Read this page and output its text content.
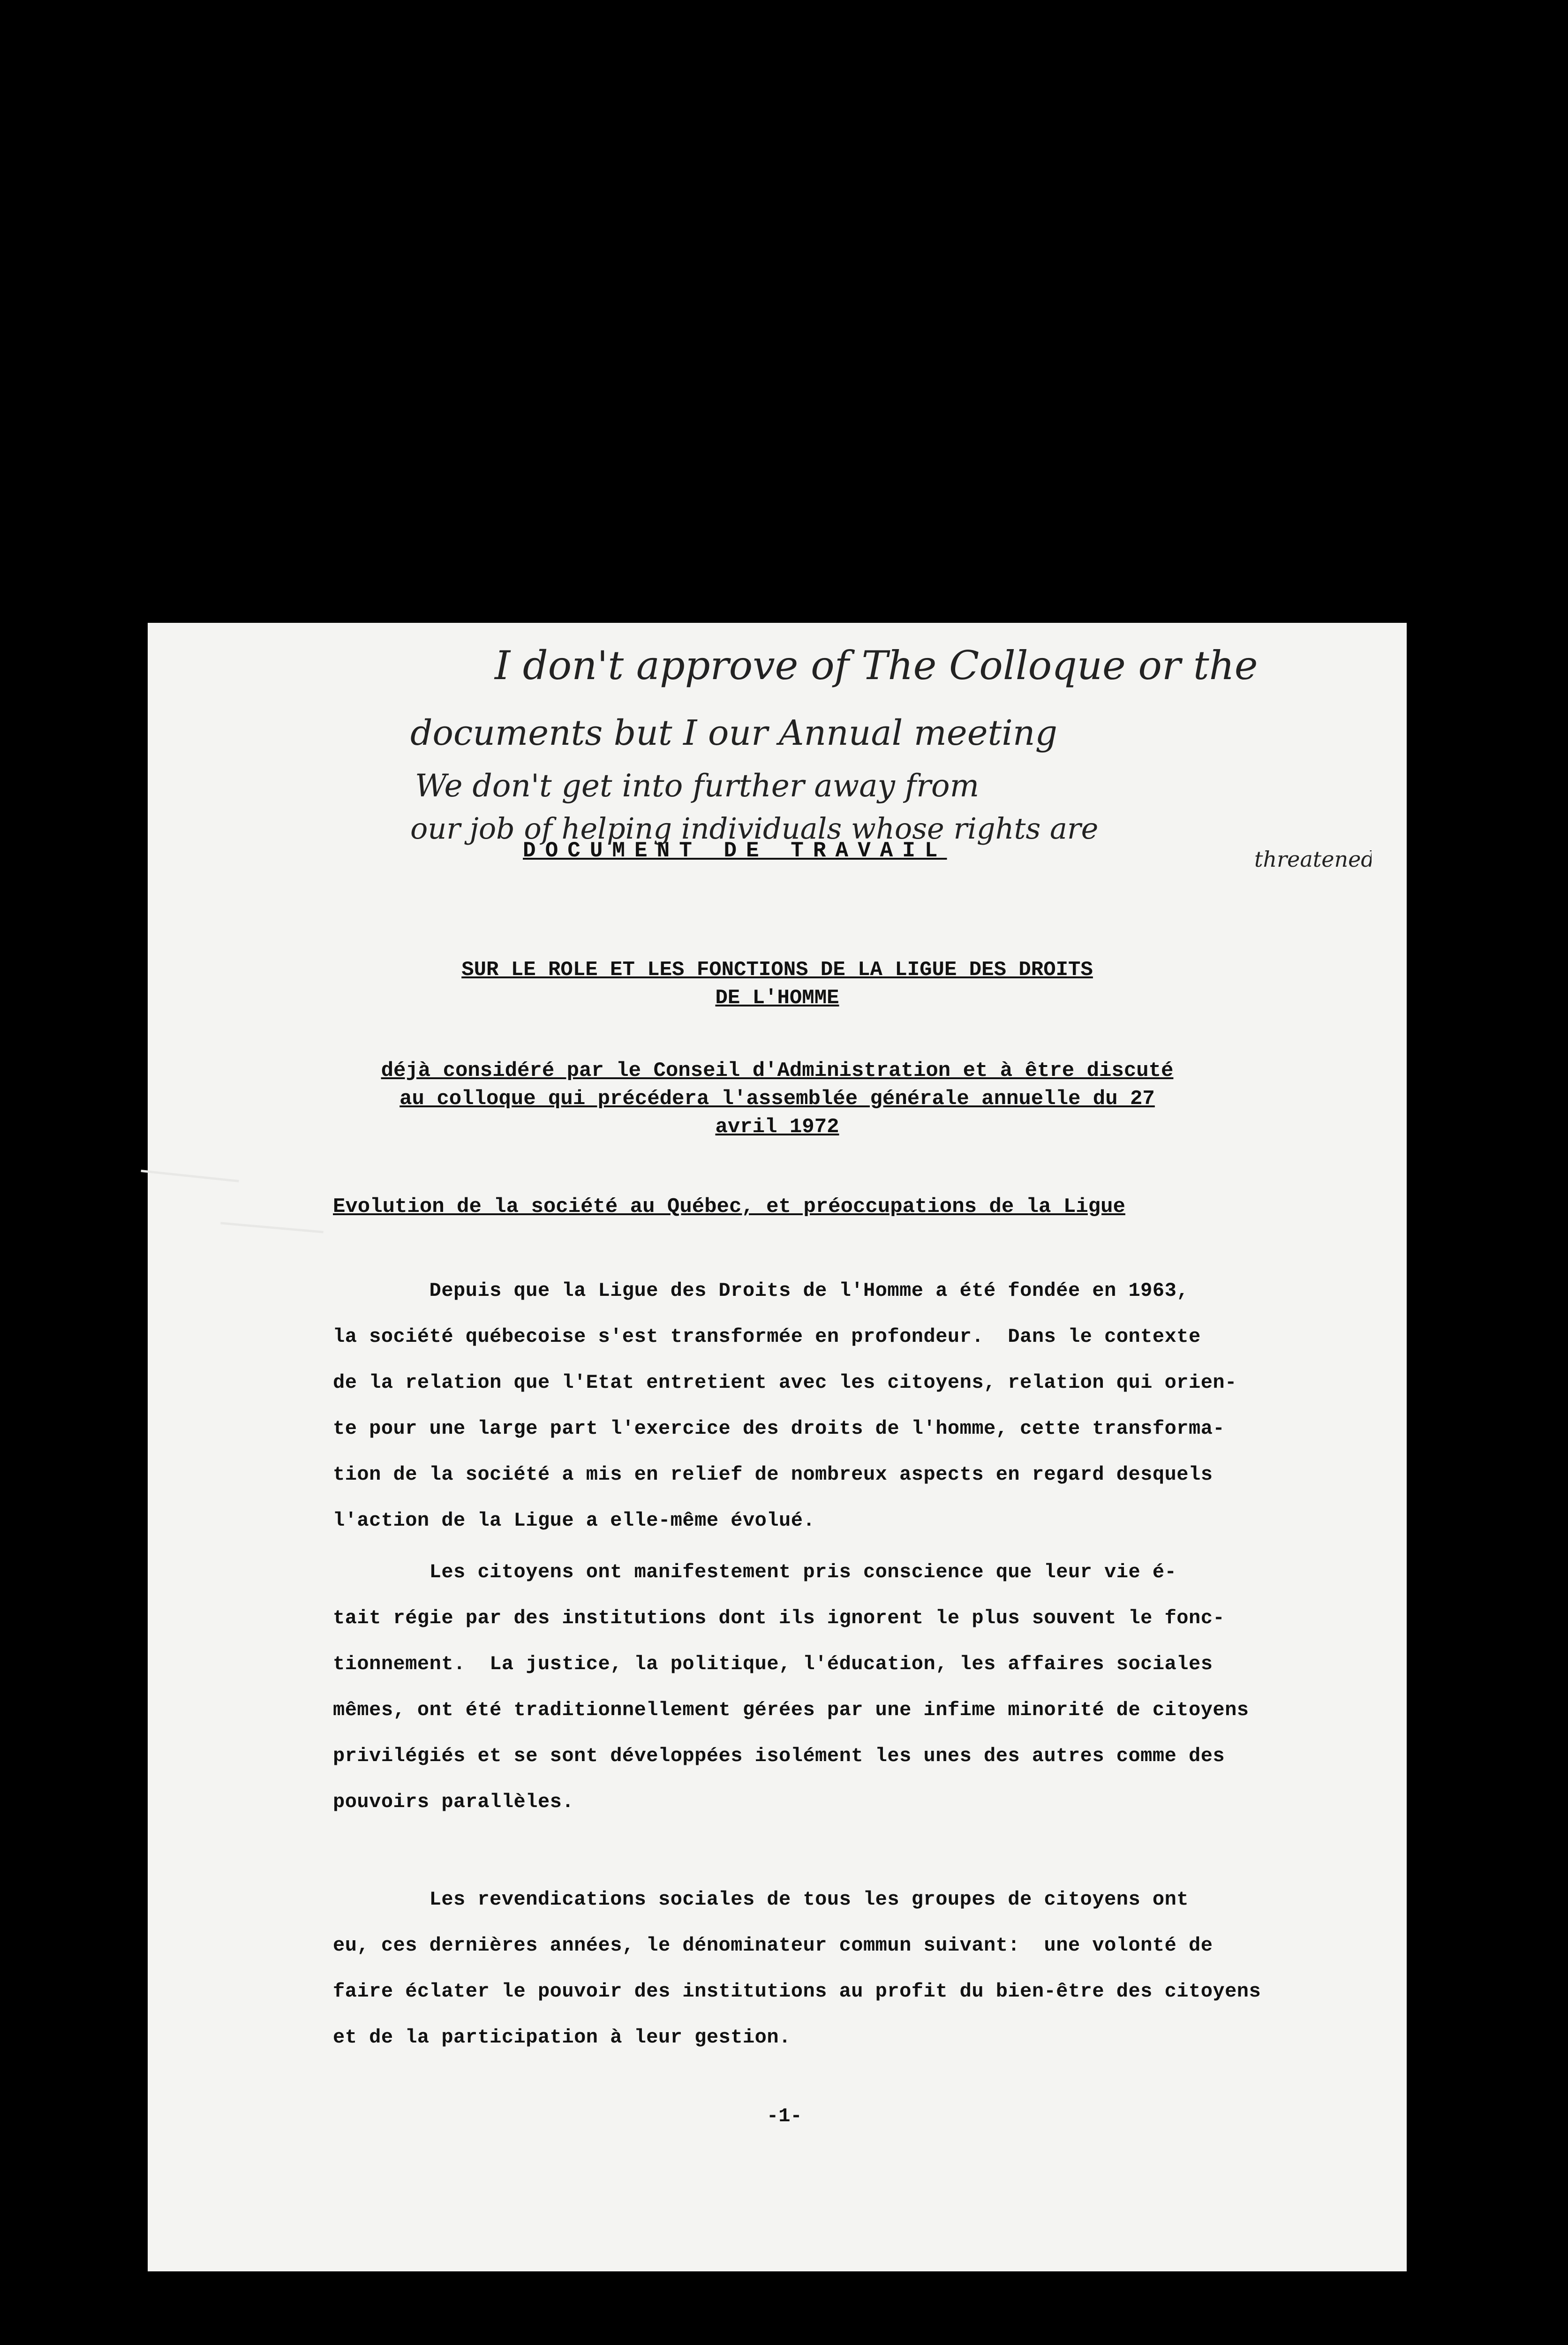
I don't approve of The Colloque or the
documents but I our Annual meeting
We don't get into further away from
our job of helping individuals whose rights are
threatened
DOCUMENT DE TRAVAIL
SUR LE ROLE ET LES FONCTIONS DE LA LIGUE DES DROITS
DE L'HOMME
déjà considéré par le Conseil d'Administration et à être discuté
au colloque qui précédera l'assemblée générale annuelle du 27
avril 1972
Evolution de la société au Québec, et préoccupations de la Ligue
Depuis que la Ligue des Droits de l'Homme a été fondée en 1963,
la société québecoise s'est transformée en profondeur.  Dans le contexte
de la relation que l'Etat entretient avec les citoyens, relation qui orien-
te pour une large part l'exercice des droits de l'homme, cette transforma-
tion de la société a mis en relief de nombreux aspects en regard desquels
l'action de la Ligue a elle-même évolué.
Les citoyens ont manifestement pris conscience que leur vie é-
tait régie par des institutions dont ils ignorent le plus souvent le fonc-
tionnement.  La justice, la politique, l'éducation, les affaires sociales
mêmes, ont été traditionnellement gérées par une infime minorité de citoyens
privilégiés et se sont développées isolément les unes des autres comme des
pouvoirs parallèles.
Les revendications sociales de tous les groupes de citoyens ont
eu, ces dernières années, le dénominateur commun suivant:  une volonté de
faire éclater le pouvoir des institutions au profit du bien-être des citoyens
et de la participation à leur gestion.
-1-
